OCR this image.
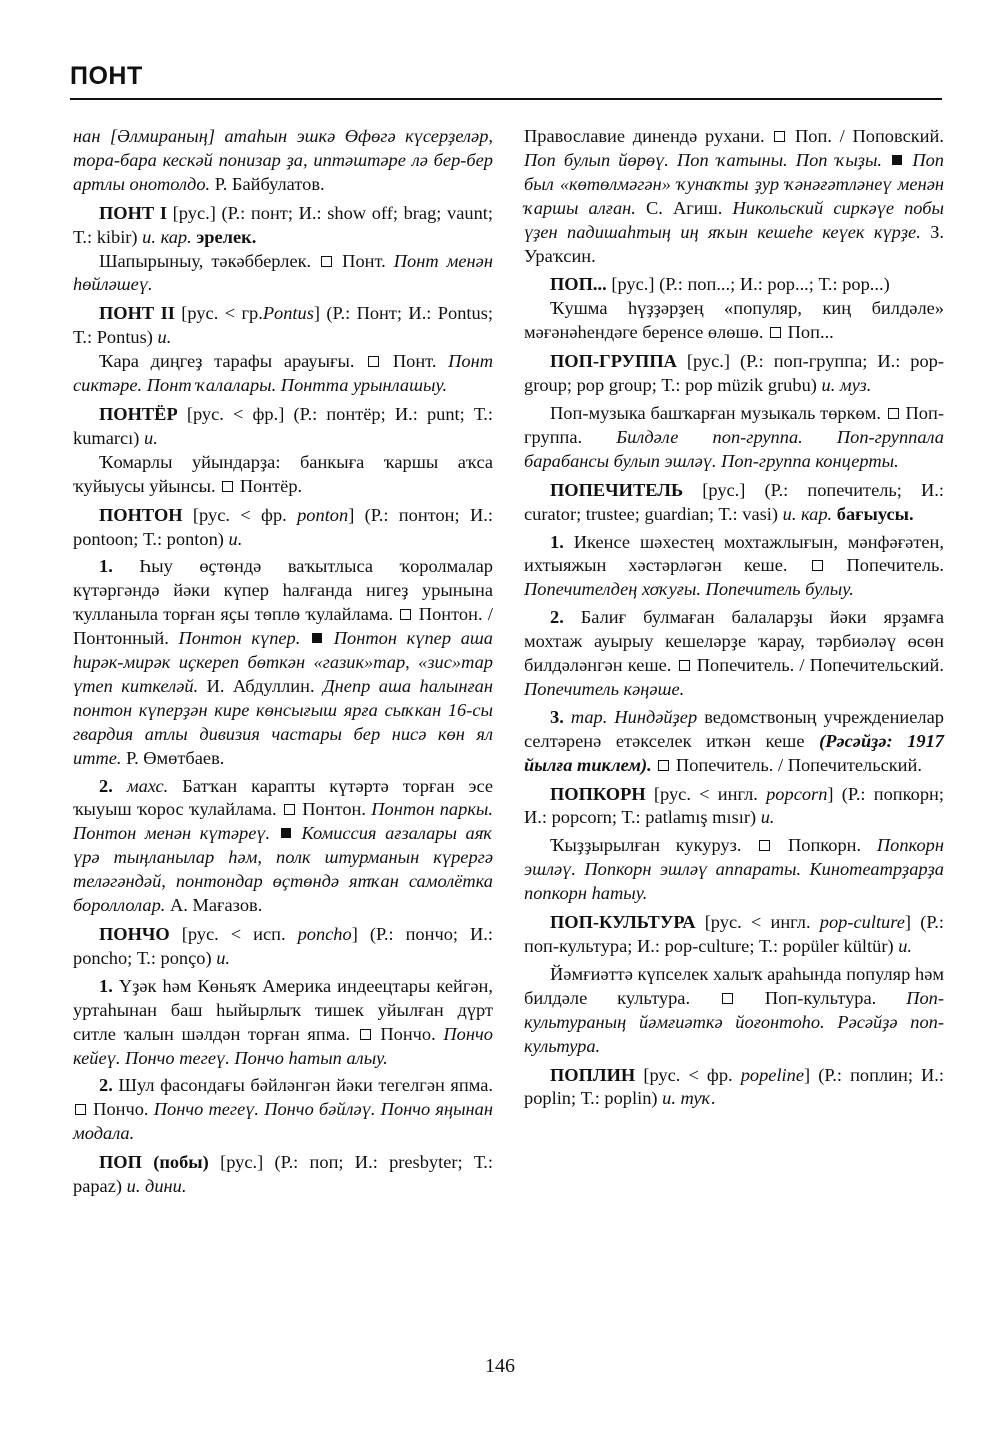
ПОНТ

нан [Әлмираның] атаһын эшкә Өфөгә күсерҙеләр, тора-бара кескәй понизар ҙа, иптәштәре лә бер-бер артлы онотолдо. Р. Байбулатов.

ПОНТ I [рус.] (Р.: понт; И.: show off; brag; vaunt; Т.: kibir) и. кар. эрелек.

Шапырыныу, тәкәбберлек. Понт. Понт менән һөйләшеү.

ПОНТ II [рус. < гр.Pontus] (Р.: Понт; И.: Pontus; Т.: Pontus) и.

Ҡара диңгеҙ тарафы арауығы. Понт. Понт сиктәре. Понт ҡалалары. Понтта урынлашыу.

ПОНТЁР [рус. < фр.] (Р.: понтёр; И.: punt; Т.: kumarcı) и.

Ҡомарлы уйындарҙа: банкыға ҡаршы аҡса ҡуйыусы уйынсы. Понтёр.

ПОНТОН [рус. < фр. ponton] (Р.: понтон; И.: pontoon; Т.: ponton) и.

1. Һыу өҫтөндә ваҡытлыса ҡоролмалар күтәргәндә йәки күпер һалғанда нигеҙ урынына ҡулланыла торған яҫы төплө ҡулайлама. Понтон. / Понтонный. Понтон күпер. Понтон күпер аша һирәк-мирәк иҫкереп бөткән «газик»тар, «зис»тар үтеп киткеләй. И. Абдуллин. Днепр аша һалынған понтон күперҙән кире көнсығыш ярға сыҡкан 16-сы гвардия атлы дивизия частары бер нисә көн ял итте. Р. Өмөтбаев.

2. махс. Батҡан карапты күтәртә торған эсе ҡыуыш ҡорос ҡулайлама. Понтон. Понтон паркы. Понтон менән күтәреү. Комиссия ағзалары аяҡ үрә тыңланылар һәм, полк штурманын күрергә теләгәндәй, понтондар өҫтөндә ятҡан самолётка бороллолар. А. Мағазов.

ПОНЧО [рус. < исп. poncho] (Р.: пончо; И.: poncho; Т.: ponço) и.

1. Үҙәк һәм Көньяҡ Америка индеецтары кейгән, уртаһынан баш һыйырлыҡ тишек уйылған дүрт ситле ҡалын шәлдән торған япма. Пончо. Пончо кейеү. Пончо тегеү. Пончо һатып алыу.

2. Шул фасондағы бәйләнгән йәки тегелгән япма.  Пончо. Пончо тегеү. Пончо бәйләү. Пончо яңынан модала.

ПОП (побы) [рус.] (Р.: поп; И.: presbyter; Т.: papaz) и. дини.

Православие динендә рухани. Поп. / Поповский. Поп булып йөрөү. Поп ҡатыны. Поп ҡыҙы. Поп был «көтөлмәгән» ҡунаҡты ҙур ҡәнәғәтләнеү менән ҡаршы алған. С. Агиш. Никольский сиркәүе побы үҙен падишаһтың иң яҡын кешеһе кеүек күрҙе. З. Ураҡсин.

ПОП... [рус.] (Р.: поп...; И.: pop...; Т.: pop...)

Ҡушма һүҙҙәрҙең «популяр, киң билдәле» мәғәнәһендәге беренсе өлөшө. Поп...

ПОП-ГРУППА [рус.] (Р.: поп-группа; И.: pop-group; pop group; Т.: pop müzik grubu) и. муз.

Поп-музыка башҡарған музыкаль төркөм. Поп-группа. Билдәле поп-группа. Поп-группала барабансы булып эшләү. Поп-группа концерты.

ПОПЕЧИТЕЛЬ [рус.] (Р.: попечитель; И.: curator; trustee; guardian; Т.: vasi) и. кар. бағыусы.

1. Икенсе шәхестең мохтажлығын, мәнфәғәтен, ихтыяжын хәстәрләгән кеше.	Попечитель. Попечителдең хоҡуғы. Попечитель булыу.

2. Балиғ булмаған балаларҙы йәки ярҙамға мохтаж ауырыу кешеләрҙе ҡарау, тәрбиәләү өсөн билдәләнгән кеше. Попечитель. / Попечительский. Попечитель кәңәше.

3. тар. Ниндәйҙер ведомствоның учреждениелар селтәренә етәкселек иткән кеше (Рәсәйҙә: 1917 йылға тиклем). Попечитель. / Попечительский.

ПОПКОРН [рус. < ингл. popcorn] (Р.: попкорн; И.: popcorn; Т.: patlamış mısır) и.

Ҡыҙҙырылған кукуруз.	Попкорн. Попкорн эшләү. Попкорн эшләү аппараты. Кинотеатрҙарҙа попкорн һатыу.

ПОП-КУЛЬТУРА [рус. < ингл. pop-culture] (Р.: поп-культура; И.: pop-culture; Т.: popüler kültür) и.

Йәмғиәттә күпселек халыҡ араһында популяр һәм билдәле культура.	Поп-культура. Поп-культураның йәмғиәткә йоғонтоһо. Рәсәйҙә поп-культура.

ПОПЛИН [рус. < фр. popeline] (Р.: поплин; И.: poplin; Т.: poplin) и. туҡ.

146
